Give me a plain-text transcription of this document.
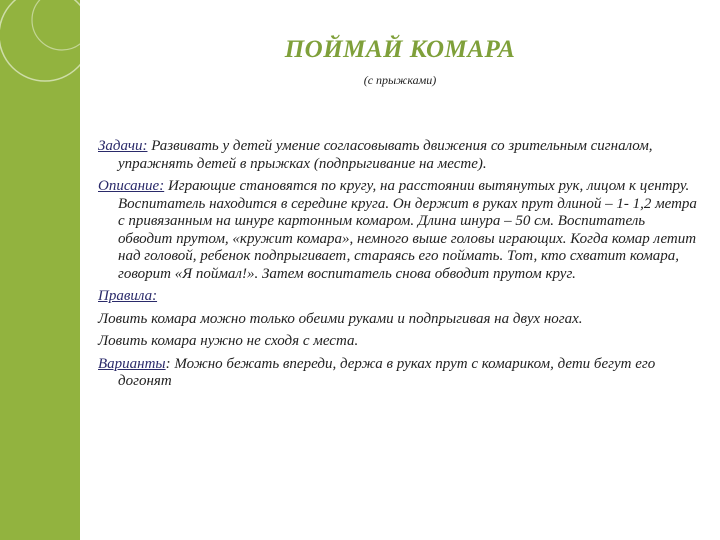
ПОЙМАЙ КОМАРА
(с прыжками)

Задачи: Развивать у детей умение согласовывать движения со зрительным сигналом, упражнять детей в прыжках (подпрыгивание на месте).

Описание: Играющие становятся по кругу, на расстоянии вытянутых рук, лицом к центру. Воспитатель находится в середине круга. Он держит в руках прут длиной – 1- 1,2 метра с привязанным на шнуре картонным комаром. Длина шнура – 50 см. Воспитатель обводит прутом, «кружит комара», немного выше головы играющих. Когда комар летит над головой, ребенок подпрыгивает, стараясь его поймать. Тот, кто схватит комара, говорит «Я поймал!». Затем воспитатель снова обводит прутом круг.

Правила:

Ловить комара можно только обеими руками и подпрыгивая на двух ногах.

Ловить комара нужно не сходя с места.

Варианты: Можно бежать впереди, держа в руках прут с комариком, дети бегут его догонят
